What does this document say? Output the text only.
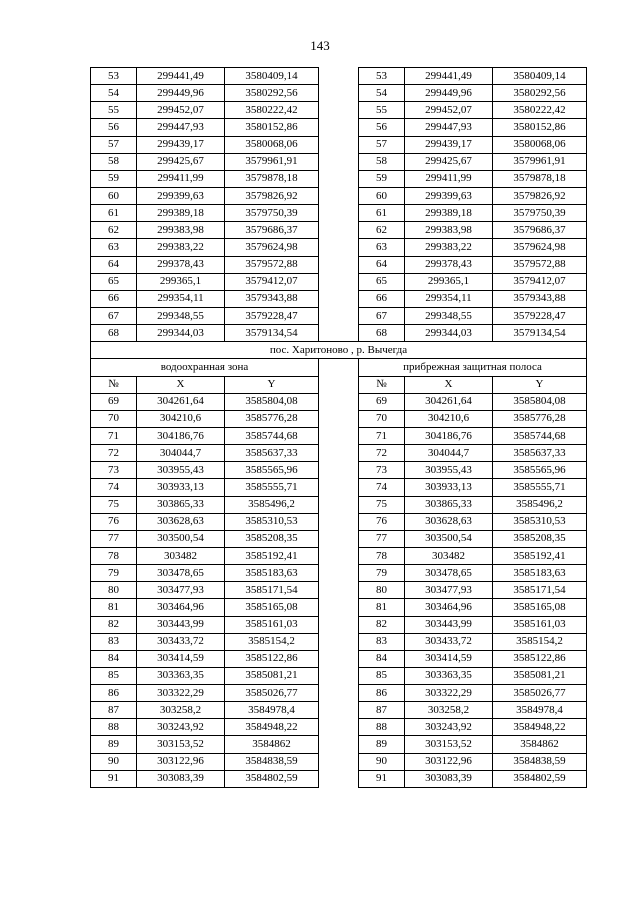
143
53	299441,49	3580409,14		53	299441,49	3580409,14
54	299449,96	3580292,56		54	299449,96	3580292,56
55	299452,07	3580222,42		55	299452,07	3580222,42
56	299447,93	3580152,86		56	299447,93	3580152,86
57	299439,17	3580068,06		57	299439,17	3580068,06
58	299425,67	3579961,91		58	299425,67	3579961,91
59	299411,99	3579878,18		59	299411,99	3579878,18
60	299399,63	3579826,92		60	299399,63	3579826,92
61	299389,18	3579750,39		61	299389,18	3579750,39
62	299383,98	3579686,37		62	299383,98	3579686,37
63	299383,22	3579624,98		63	299383,22	3579624,98
64	299378,43	3579572,88		64	299378,43	3579572,88
65	299365,1	3579412,07		65	299365,1	3579412,07
66	299354,11	3579343,88		66	299354,11	3579343,88
67	299348,55	3579228,47		67	299348,55	3579228,47
68	299344,03	3579134,54		68	299344,03	3579134,54
пос. Харитоново , р. Вычегда						
водоохранная зона				прибрежная защитная полоса		
№	X	Y		№	X	Y
69	304261,64	3585804,08		69	304261,64	3585804,08
70	304210,6	3585776,28		70	304210,6	3585776,28
71	304186,76	3585744,68		71	304186,76	3585744,68
72	304044,7	3585637,33		72	304044,7	3585637,33
73	303955,43	3585565,96		73	303955,43	3585565,96
74	303933,13	3585555,71		74	303933,13	3585555,71
75	303865,33	3585496,2		75	303865,33	3585496,2
76	303628,63	3585310,53		76	303628,63	3585310,53
77	303500,54	3585208,35		77	303500,54	3585208,35
78	303482	3585192,41		78	303482	3585192,41
79	303478,65	3585183,63		79	303478,65	3585183,63
80	303477,93	3585171,54		80	303477,93	3585171,54
81	303464,96	3585165,08		81	303464,96	3585165,08
82	303443,99	3585161,03		82	303443,99	3585161,03
83	303433,72	3585154,2		83	303433,72	3585154,2
84	303414,59	3585122,86		84	303414,59	3585122,86
85	303363,35	3585081,21		85	303363,35	3585081,21
86	303322,29	3585026,77		86	303322,29	3585026,77
87	303258,2	3584978,4		87	303258,2	3584978,4
88	303243,92	3584948,22		88	303243,92	3584948,22
89	303153,52	3584862		89	303153,52	3584862
90	303122,96	3584838,59		90	303122,96	3584838,59
91	303083,39	3584802,59		91	303083,39	3584802,59
